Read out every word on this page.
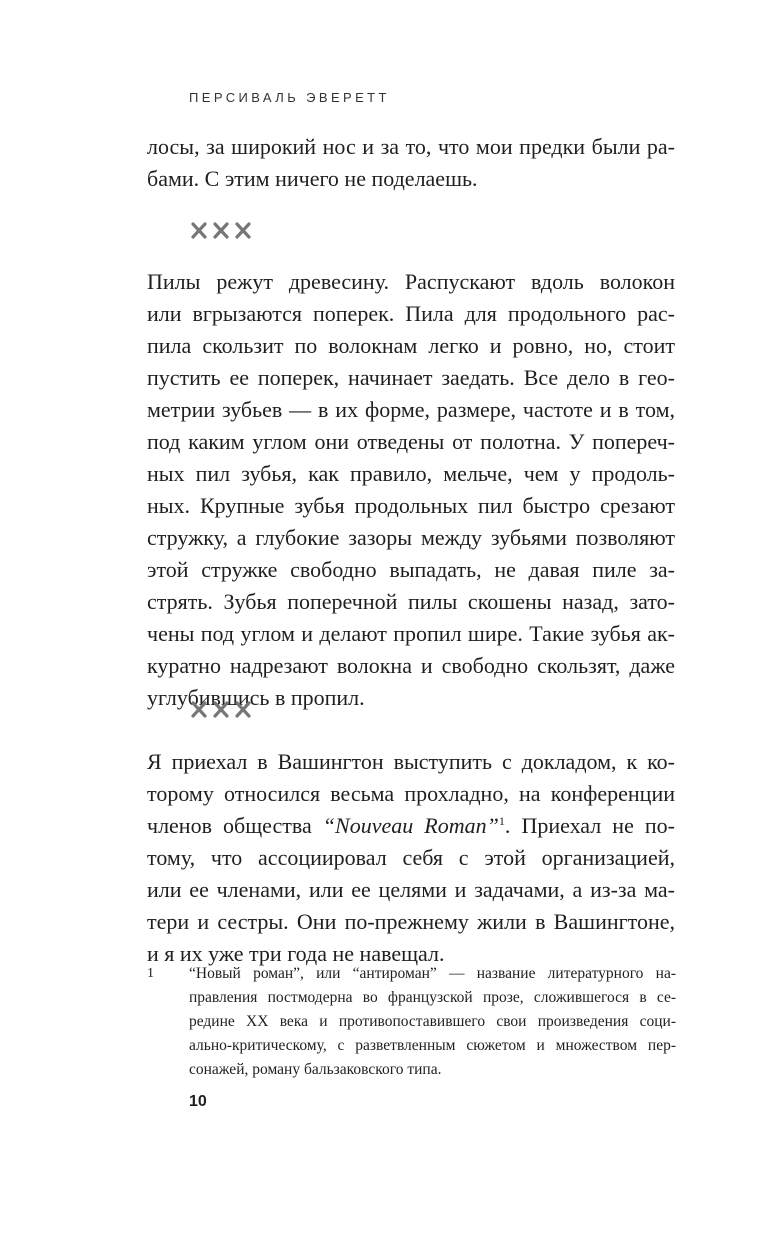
ПЕРСИВАЛЬ ЭВЕРЕТТ
лосы, за широкий нос и за то, что мои предки были ра-
бами. С этим ничего не поделаешь.
Пилы режут древесину. Распускают вдоль волокон
или вгрызаются поперек. Пила для продольного рас-
пила скользит по волокнам легко и ровно, но, стоит
пустить ее поперек, начинает заедать. Все дело в гео-
метрии зубьев — в их форме, размере, частоте и в том,
под каким углом они отведены от полотна. У попереч-
ных пил зубья, как правило, мельче, чем у продоль-
ных. Крупные зубья продольных пил быстро срезают
стружку, а глубокие зазоры между зубьями позволяют
этой стружке свободно выпадать, не давая пиле за-
стрять. Зубья поперечной пилы скошены назад, зато-
чены под углом и делают пропил шире. Такие зубья ак-
куратно надрезают волокна и свободно скользят, даже
углубившись в пропил.
Я приехал в Вашингтон выступить с докладом, к ко-
торому относился весьма прохладно, на конференции
членов общества “Nouveau Roman”$^1$. Приехал не по-
тому, что ассоциировал себя с этой организацией,
или ее членами, или ее целями и задачами, а из-за ма-
тери и сестры. Они по-прежнему жили в Вашингтоне,
и я их уже три года не навещал.
1 “Новый роман”, или “антироман” — название литературного на-
правления постмодерна во французской прозе, сложившегося в се-
редине XX века и противопоставившего свои произведения соци-
ально-критическому, с разветвленным сюжетом и множеством пер-
сонажей, роману бальзаковского типа.
10
